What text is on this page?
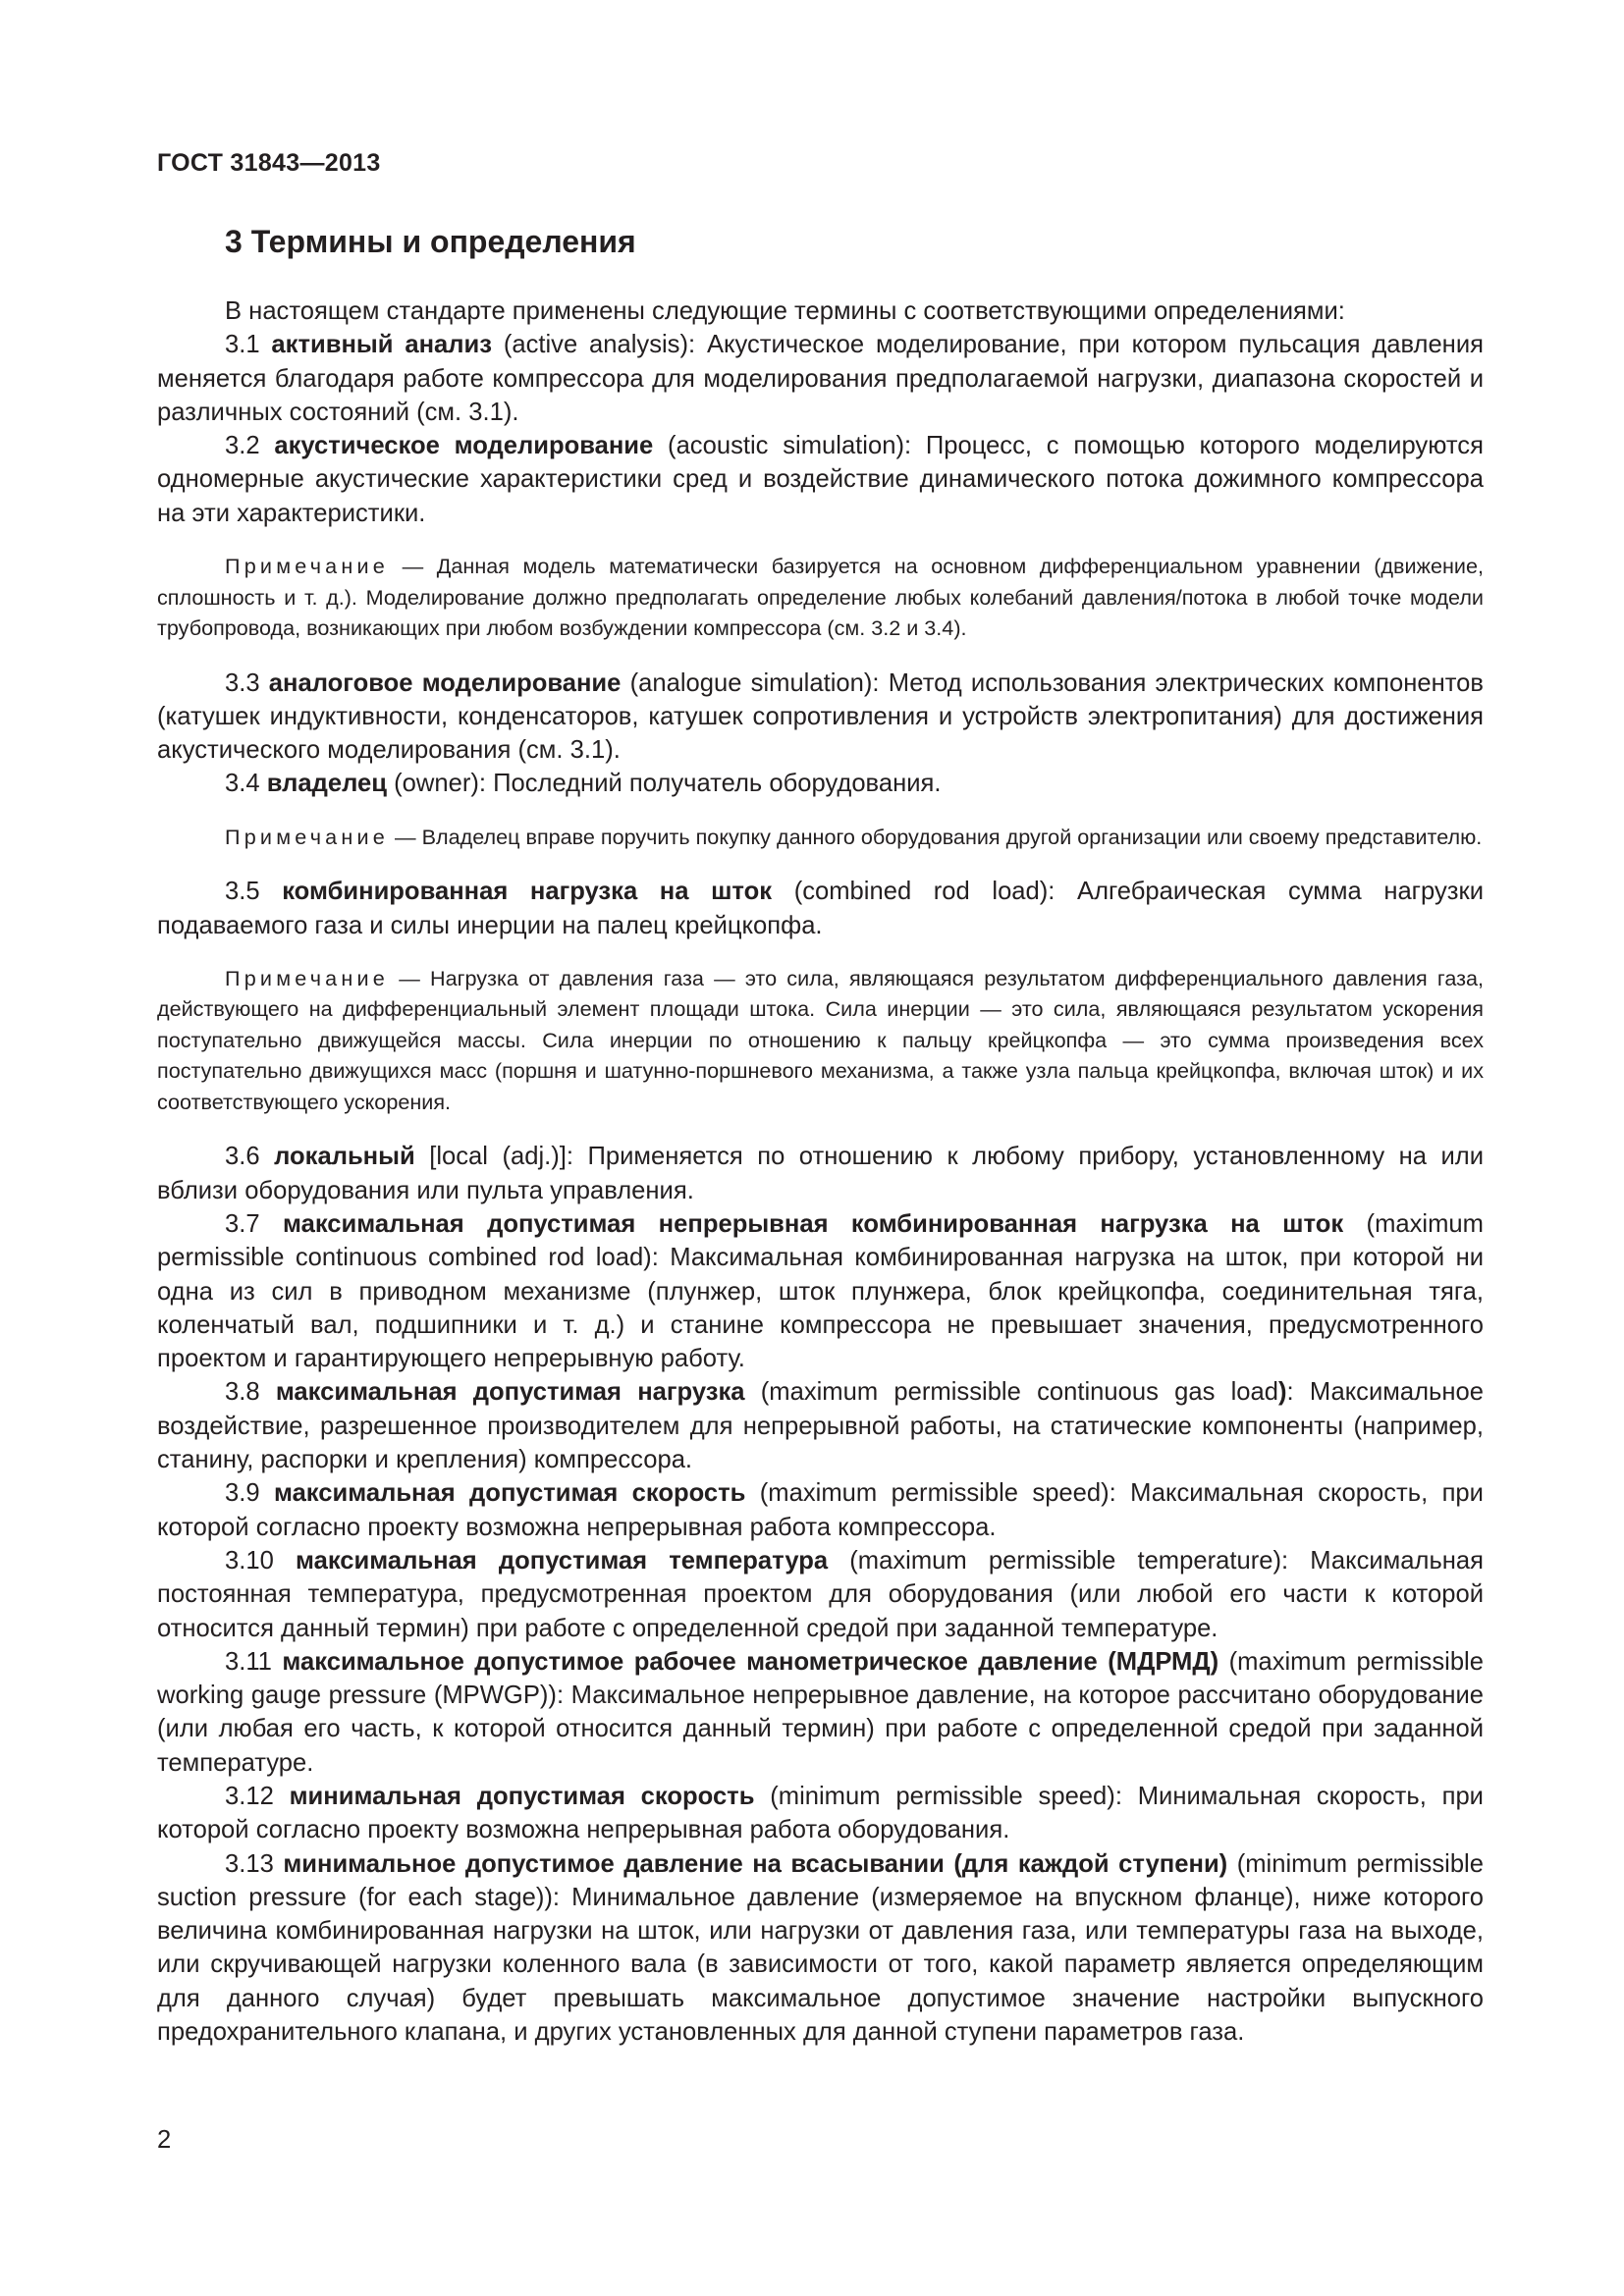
ГОСТ 31843—2013
3 Термины и определения

В настоящем стандарте применены следующие термины с соответствующими определениями:

3.1 активный анализ (active analysis): Акустическое моделирование, при котором пульсация давления меняется благодаря работе компрессора для моделирования предполагаемой нагрузки, диапазона скоростей и различных состояний (см. 3.1).

3.2 акустическое моделирование (acoustic simulation): Процесс, с помощью которого моделируются одномерные акустические характеристики сред и воздействие динамического потока дожимного компрессора на эти характеристики.

Примечание — Данная модель математически базируется на основном дифференциальном уравнении (движение, сплошность и т. д.). Моделирование должно предполагать определение любых колебаний давления/потока в любой точке модели трубопровода, возникающих при любом возбуждении компрессора (см. 3.2 и 3.4).

3.3 аналоговое моделирование (analogue simulation): Метод использования электрических компонентов (катушек индуктивности, конденсаторов, катушек сопротивления и устройств электропитания) для достижения акустического моделирования (см. 3.1).

3.4 владелец (owner): Последний получатель оборудования.

Примечание — Владелец вправе поручить покупку данного оборудования другой организации или своему представителю.

3.5 комбинированная нагрузка на шток (combined rod load): Алгебраическая сумма нагрузки подаваемого газа и силы инерции на палец крейцкопфа.

Примечание — Нагрузка от давления газа — это сила, являющаяся результатом дифференциального давления газа, действующего на дифференциальный элемент площади штока. Сила инерции — это сила, являющаяся результатом ускорения поступательно движущейся массы. Сила инерции по отношению к пальцу крейцкопфа — это сумма произведения всех поступательно движущихся масс (поршня и шатунно-поршневого механизма, а также узла пальца крейцкопфа, включая шток) и их соответствующего ускорения.

3.6 локальный [local (adj.)]: Применяется по отношению к любому прибору, установленному на или вблизи оборудования или пульта управления.

3.7 максимальная допустимая непрерывная комбинированная нагрузка на шток (maximum permissible continuous combined rod load): Максимальная комбинированная нагрузка на шток, при которой ни одна из сил в приводном механизме (плунжер, шток плунжера, блок крейцкопфа, соединительная тяга, коленчатый вал, подшипники и т. д.) и станине компрессора не превышает значения, предусмотренного проектом и гарантирующего непрерывную работу.

3.8 максимальная допустимая нагрузка (maximum permissible continuous gas load): Максимальное воздействие, разрешенное производителем для непрерывной работы, на статические компоненты (например, станину, распорки и крепления) компрессора.

3.9 максимальная допустимая скорость (maximum permissible speed): Максимальная скорость, при которой согласно проекту возможна непрерывная работа компрессора.

3.10 максимальная допустимая температура (maximum permissible temperature): Максимальная постоянная температура, предусмотренная проектом для оборудования (или любой его части к которой относится данный термин) при работе с определенной средой при заданной температуре.

3.11 максимальное допустимое рабочее манометрическое давление (МДРМД) (maximum permissible working gauge pressure (MPWGP)): Максимальное непрерывное давление, на которое рассчитано оборудование (или любая его часть, к которой относится данный термин) при работе с определенной средой при заданной температуре.

3.12 минимальная допустимая скорость (minimum permissible speed): Минимальная скорость, при которой согласно проекту возможна непрерывная работа оборудования.

3.13 минимальное допустимое давление на всасывании (для каждой ступени) (minimum permissible suction pressure (for each stage)): Минимальное давление (измеряемое на впускном фланце), ниже которого величина комбинированная нагрузки на шток, или нагрузки от давления газа, или температуры газа на выходе, или скручивающей нагрузки коленного вала (в зависимости от того, какой параметр является определяющим для данного случая) будет превышать максимальное допустимое значение настройки выпускного предохранительного клапана, и других установленных для данной ступени параметров газа.

2
